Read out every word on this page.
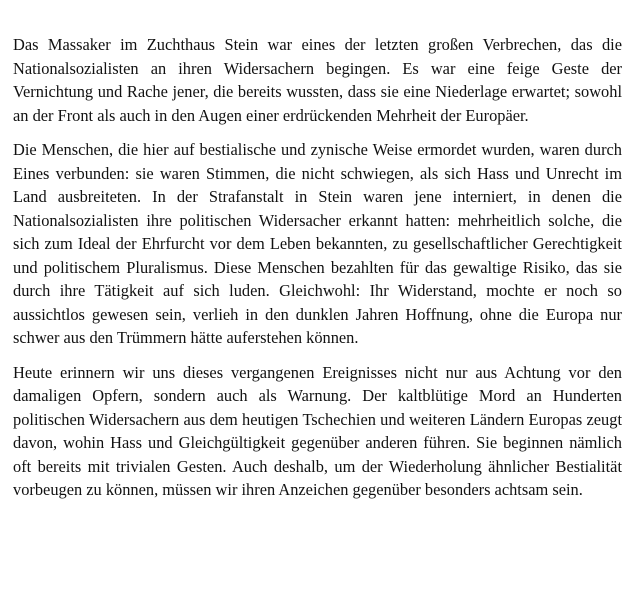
Das Massaker im Zuchthaus Stein war eines der letzten großen Verbrechen, das die Nationalsozialisten an ihren Widersachern begingen. Es war eine feige Geste der Vernichtung und Rache jener, die bereits wussten, dass sie eine Niederlage erwartet; sowohl an der Front als auch in den Augen einer erdrückenden Mehrheit der Europäer.

Die Menschen, die hier auf bestialische und zynische Weise ermordet wurden, waren durch Eines verbunden: sie waren Stimmen, die nicht schwiegen, als sich Hass und Unrecht im Land ausbreiteten. In der Strafanstalt in Stein waren jene interniert, in denen die Nationalsozialisten ihre politischen Widersacher erkannt hatten: mehrheitlich solche, die sich zum Ideal der Ehrfurcht vor dem Leben bekannten, zu gesellschaftlicher Gerechtigkeit und politischem Pluralismus. Diese Menschen bezahlten für das gewaltige Risiko, das sie durch ihre Tätigkeit auf sich luden. Gleichwohl: Ihr Widerstand, mochte er noch so aussichtlos gewesen sein, verlieh in den dunklen Jahren Hoffnung, ohne die Europa nur schwer aus den Trümmern hätte auferstehen können.

Heute erinnern wir uns dieses vergangenen Ereignisses nicht nur aus Achtung vor den damaligen Opfern, sondern auch als Warnung. Der kaltblütige Mord an Hunderten politischen Widersachern aus dem heutigen Tschechien und weiteren Ländern Europas zeugt davon, wohin Hass und Gleichgültigkeit gegenüber anderen führen. Sie beginnen nämlich oft bereits mit trivialen Gesten. Auch deshalb, um der Wiederholung ähnlicher Bestialität vorbeugen zu können, müssen wir ihren Anzeichen gegenüber besonders achtsam sein.
